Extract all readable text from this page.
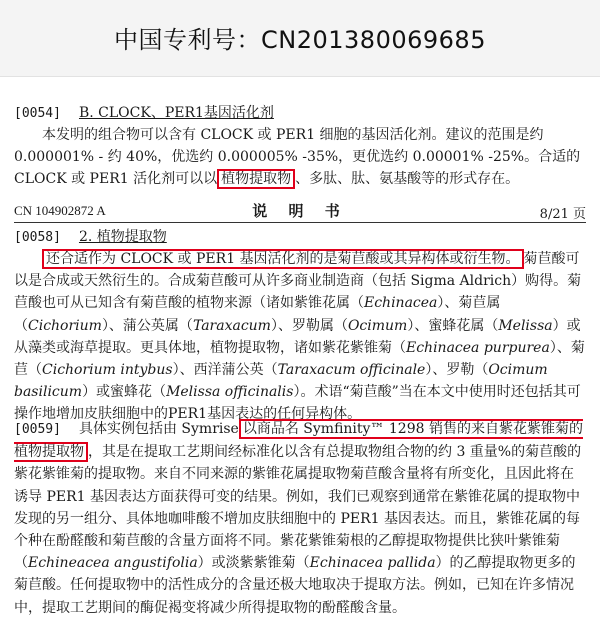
中国专利号：CN201380069685
[0054] B. CLOCK、PER1基因活化剂

本发明的组合物可以含有 CLOCK 或 PER1 细胞的基因活化剂。建议的范围是约 0.000001% - 约 40%，优选约 0.000005% -35%，更优选约 0.00001% -25%。合适的 CLOCK 或 PER1 活化剂可以以 植物提取物 、多肽、肽、氨基酸等的形式存在。

CN 104902872 A	说 明 书	8/21 页
[0058] 2. 植物提取物

还合适作为 CLOCK 或 PER1 基因活化剂的是菊苣酸或其异构体或衍生物。 菊苣酸可以是合成或天然衍生的。合成菊苣酸可从许多商业制造商（包括 Sigma Aldrich）购得。菊苣酸也可从已知含有菊苣酸的植物来源（诸如紫锥花属（Echinacea）、菊苣属（Cichorium）、蒲公英属（Taraxacum）、罗勒属（Ocimum）、蜜蜂花属（Melissa）或从藻类或海草提取。更具体地，植物提取物，诸如紫花紫锥菊（Echinacea purpurea）、菊苣（Cichorium intybus）、西洋蒲公英（Taraxacum officinale）、罗勒（Ocimum basilicum）或蜜蜂花（Melissa officinalis）。术语“菊苣酸”当在本文中使用时还包括其可操作地增加皮肤细胞中的PER1基因表达的任何异构体。

[0059] 具体实例包括由 Symrise 以商品名 Symfinity™ 1298 销售的来自紫花紫锥菊的植物提取物 ，其是在提取工艺期间经标准化以含有总提取物组合物的约 3 重量%的菊苣酸的紫花紫锥菊的提取物。来自不同来源的紫锥花属提取物菊苣酸含量将有所变化，且因此将在诱导 PER1 基因表达方面获得可变的结果。例如，我们已观察到通常在紫锥花属的提取物中发现的另一组分、具体地咖啡酸不增加皮肤细胞中的 PER1 基因表达。而且，紫锥花属的每个种在酚醛酸和菊苣酸的含量方面将不同。紫花紫锥菊根的乙醇提取物提供比狭叶紫锥菊（Echineacea angustifolia）或淡紫紫锥菊（Echinacea pallida）的乙醇提取物更多的菊苣酸。任何提取物中的活性成分的含量还极大地取决于提取方法。例如，已知在许多情况中，提取工艺期间的酶促褐变将减少所得提取物的酚醛酸含量。
